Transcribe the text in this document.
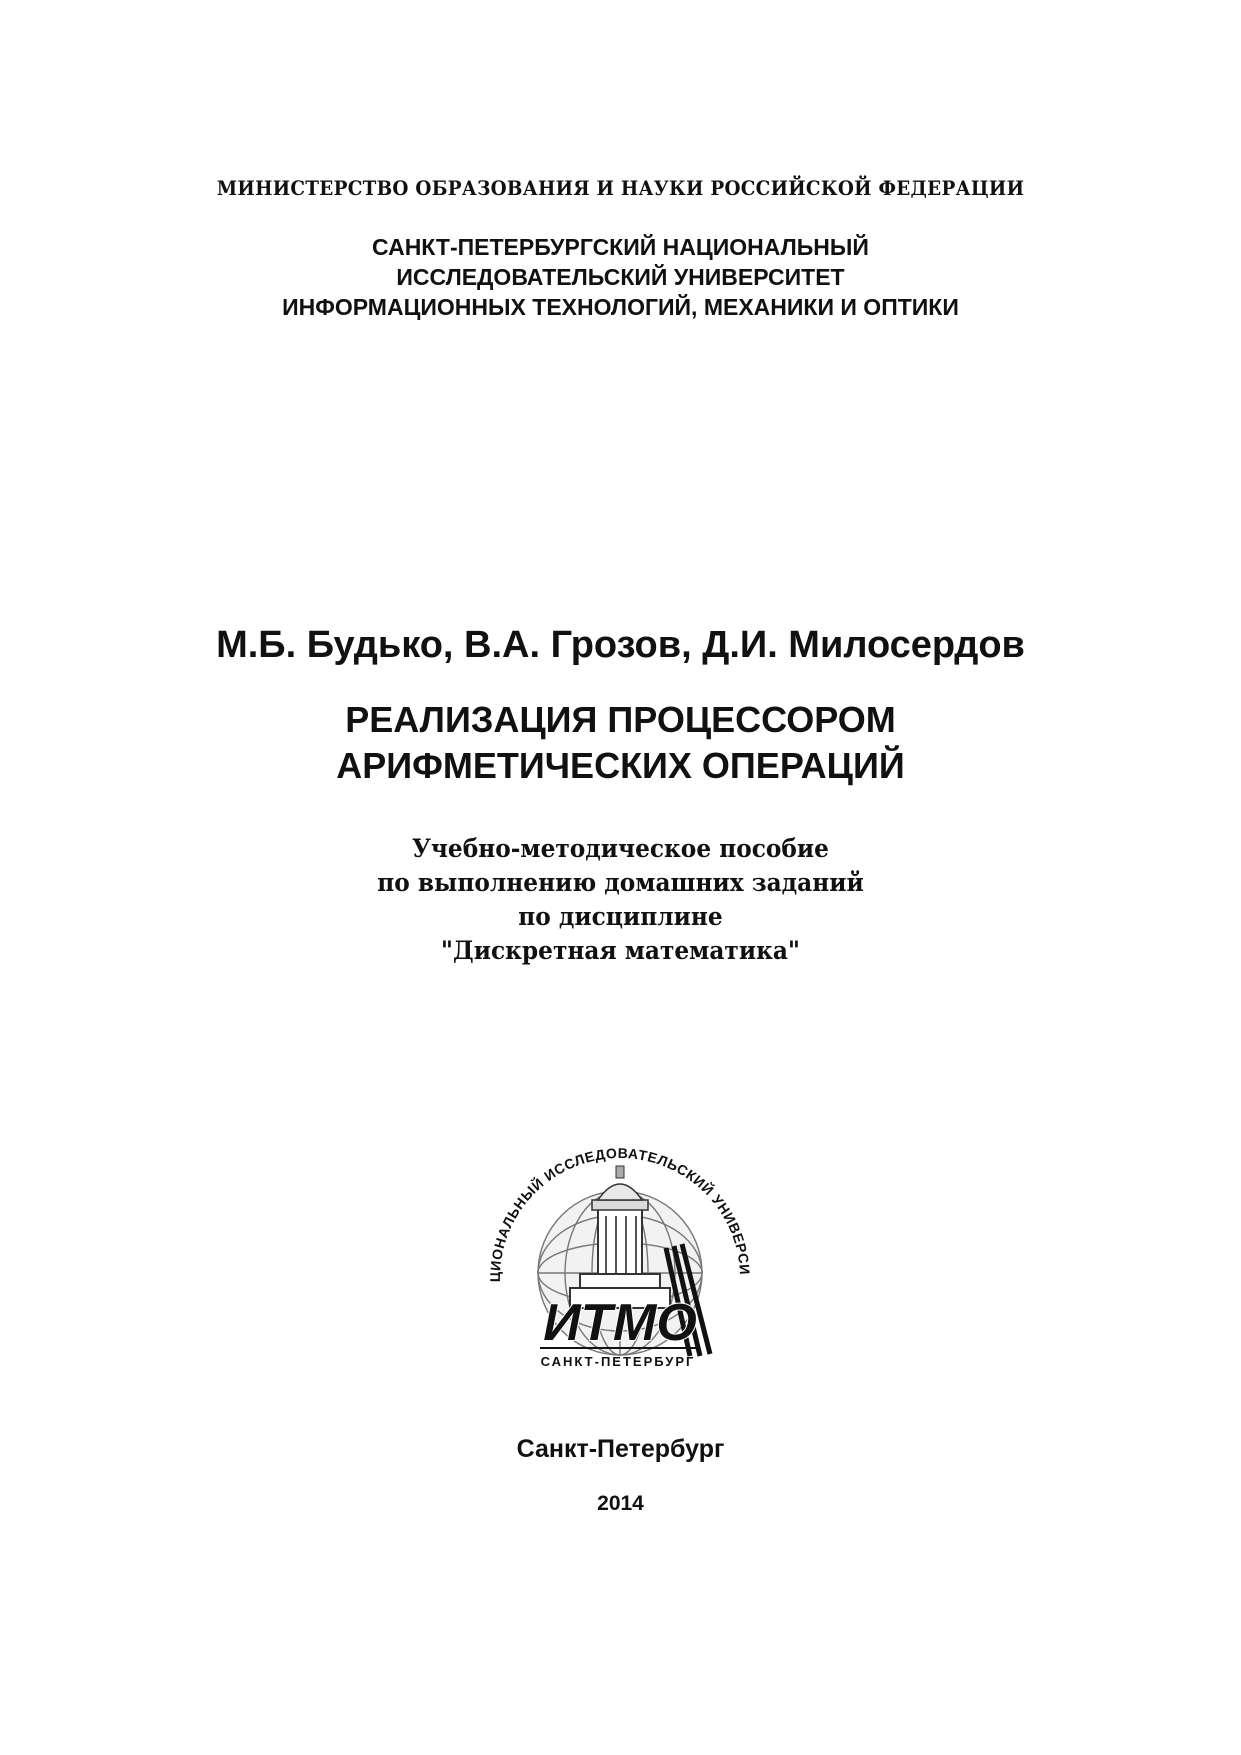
МИНИСТЕРСТВО ОБРАЗОВАНИЯ И НАУКИ РОССИЙСКОЙ ФЕДЕРАЦИИ
САНКТ-ПЕТЕРБУРГСКИЙ НАЦИОНАЛЬНЫЙ
ИССЛЕДОВАТЕЛЬСКИЙ УНИВЕРСИТЕТ
ИНФОРМАЦИОННЫХ ТЕХНОЛОГИЙ, МЕХАНИКИ И ОПТИКИ
М.Б. Будько, В.А. Грозов, Д.И. Милосердов
РЕАЛИЗАЦИЯ ПРОЦЕССОРОМ
АРИФМЕТИЧЕСКИХ ОПЕРАЦИЙ
Учебно-методическое пособие
по выполнению домашних заданий
по дисциплине
"Дискретная математика"
ЦИОНАЛЬНЫЙ ИССЛЕДОВАТЕЛЬСКИЙ УНИВЕРСИ
ИТМО
САНКТ-ПЕТЕРБУРГ
Санкт-Петербург
2014
